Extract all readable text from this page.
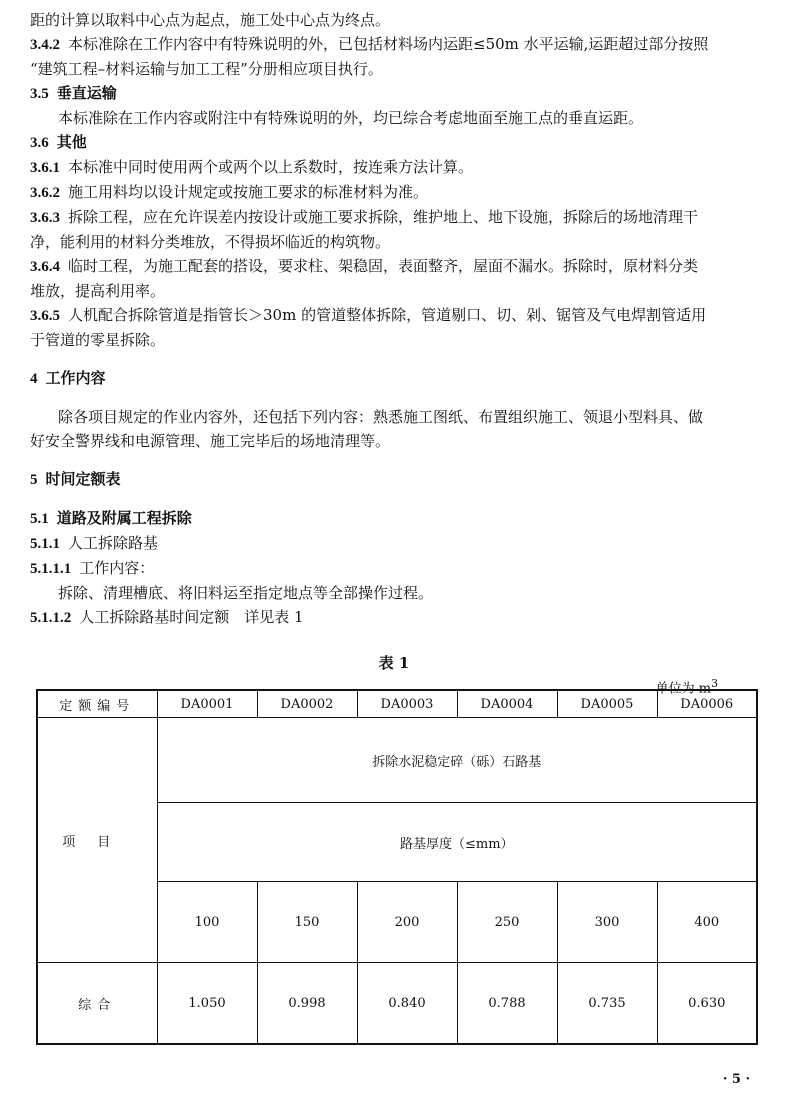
距的计算以取料中心点为起点，施工处中心点为终点。
3.4.2 本标准除在工作内容中有特殊说明的外，已包括材料场内运距≤50m 水平运输,运距超过部分按照
“建筑工程–材料运输与加工工程”分册相应项目执行。
3.5 垂直运输
本标准除在工作内容或附注中有特殊说明的外，均已综合考虑地面至施工点的垂直运距。
3.6 其他
3.6.1 本标准中同时使用两个或两个以上系数时，按连乘方法计算。
3.6.2 施工用料均以设计规定或按施工要求的标准材料为准。
3.6.3 拆除工程，应在允许误差内按设计或施工要求拆除，维护地上、地下设施，拆除后的场地清理干
净，能利用的材料分类堆放，不得损坏临近的构筑物。
3.6.4 临时工程，为施工配套的搭设，要求柱、架稳固，表面整齐，屋面不漏水。拆除时，原材料分类
堆放，提高利用率。
3.6.5 人机配合拆除管道是指管长＞30m 的管道整体拆除，管道剔口、切、剁、锯管及气电焊割管适用
于管道的零星拆除。
4 工作内容
除各项目规定的作业内容外，还包括下列内容：熟悉施工图纸、布置组织施工、领退小型料具、做
好安全警界线和电源管理、施工完毕后的场地清理等。
5 时间定额表
5.1 道路及附属工程拆除
5.1.1 人工拆除路基
5.1.1.1 工作内容：
拆除、清理槽底、将旧料运至指定地点等全部操作过程。
5.1.1.2 人工拆除路基时间定额　详见表 1
表 1
单位为 $m^3$
定额编号	DA0001	DA0002	DA0003	DA0004	DA0005	DA0006
项目	拆除水泥稳定碎（砾）石路基					
	路基厚度（≤mm）					
	100	150	200	250	300	400
综合	1.050	0.998	0.840	0.788	0.735	0.630
· 5 ·
